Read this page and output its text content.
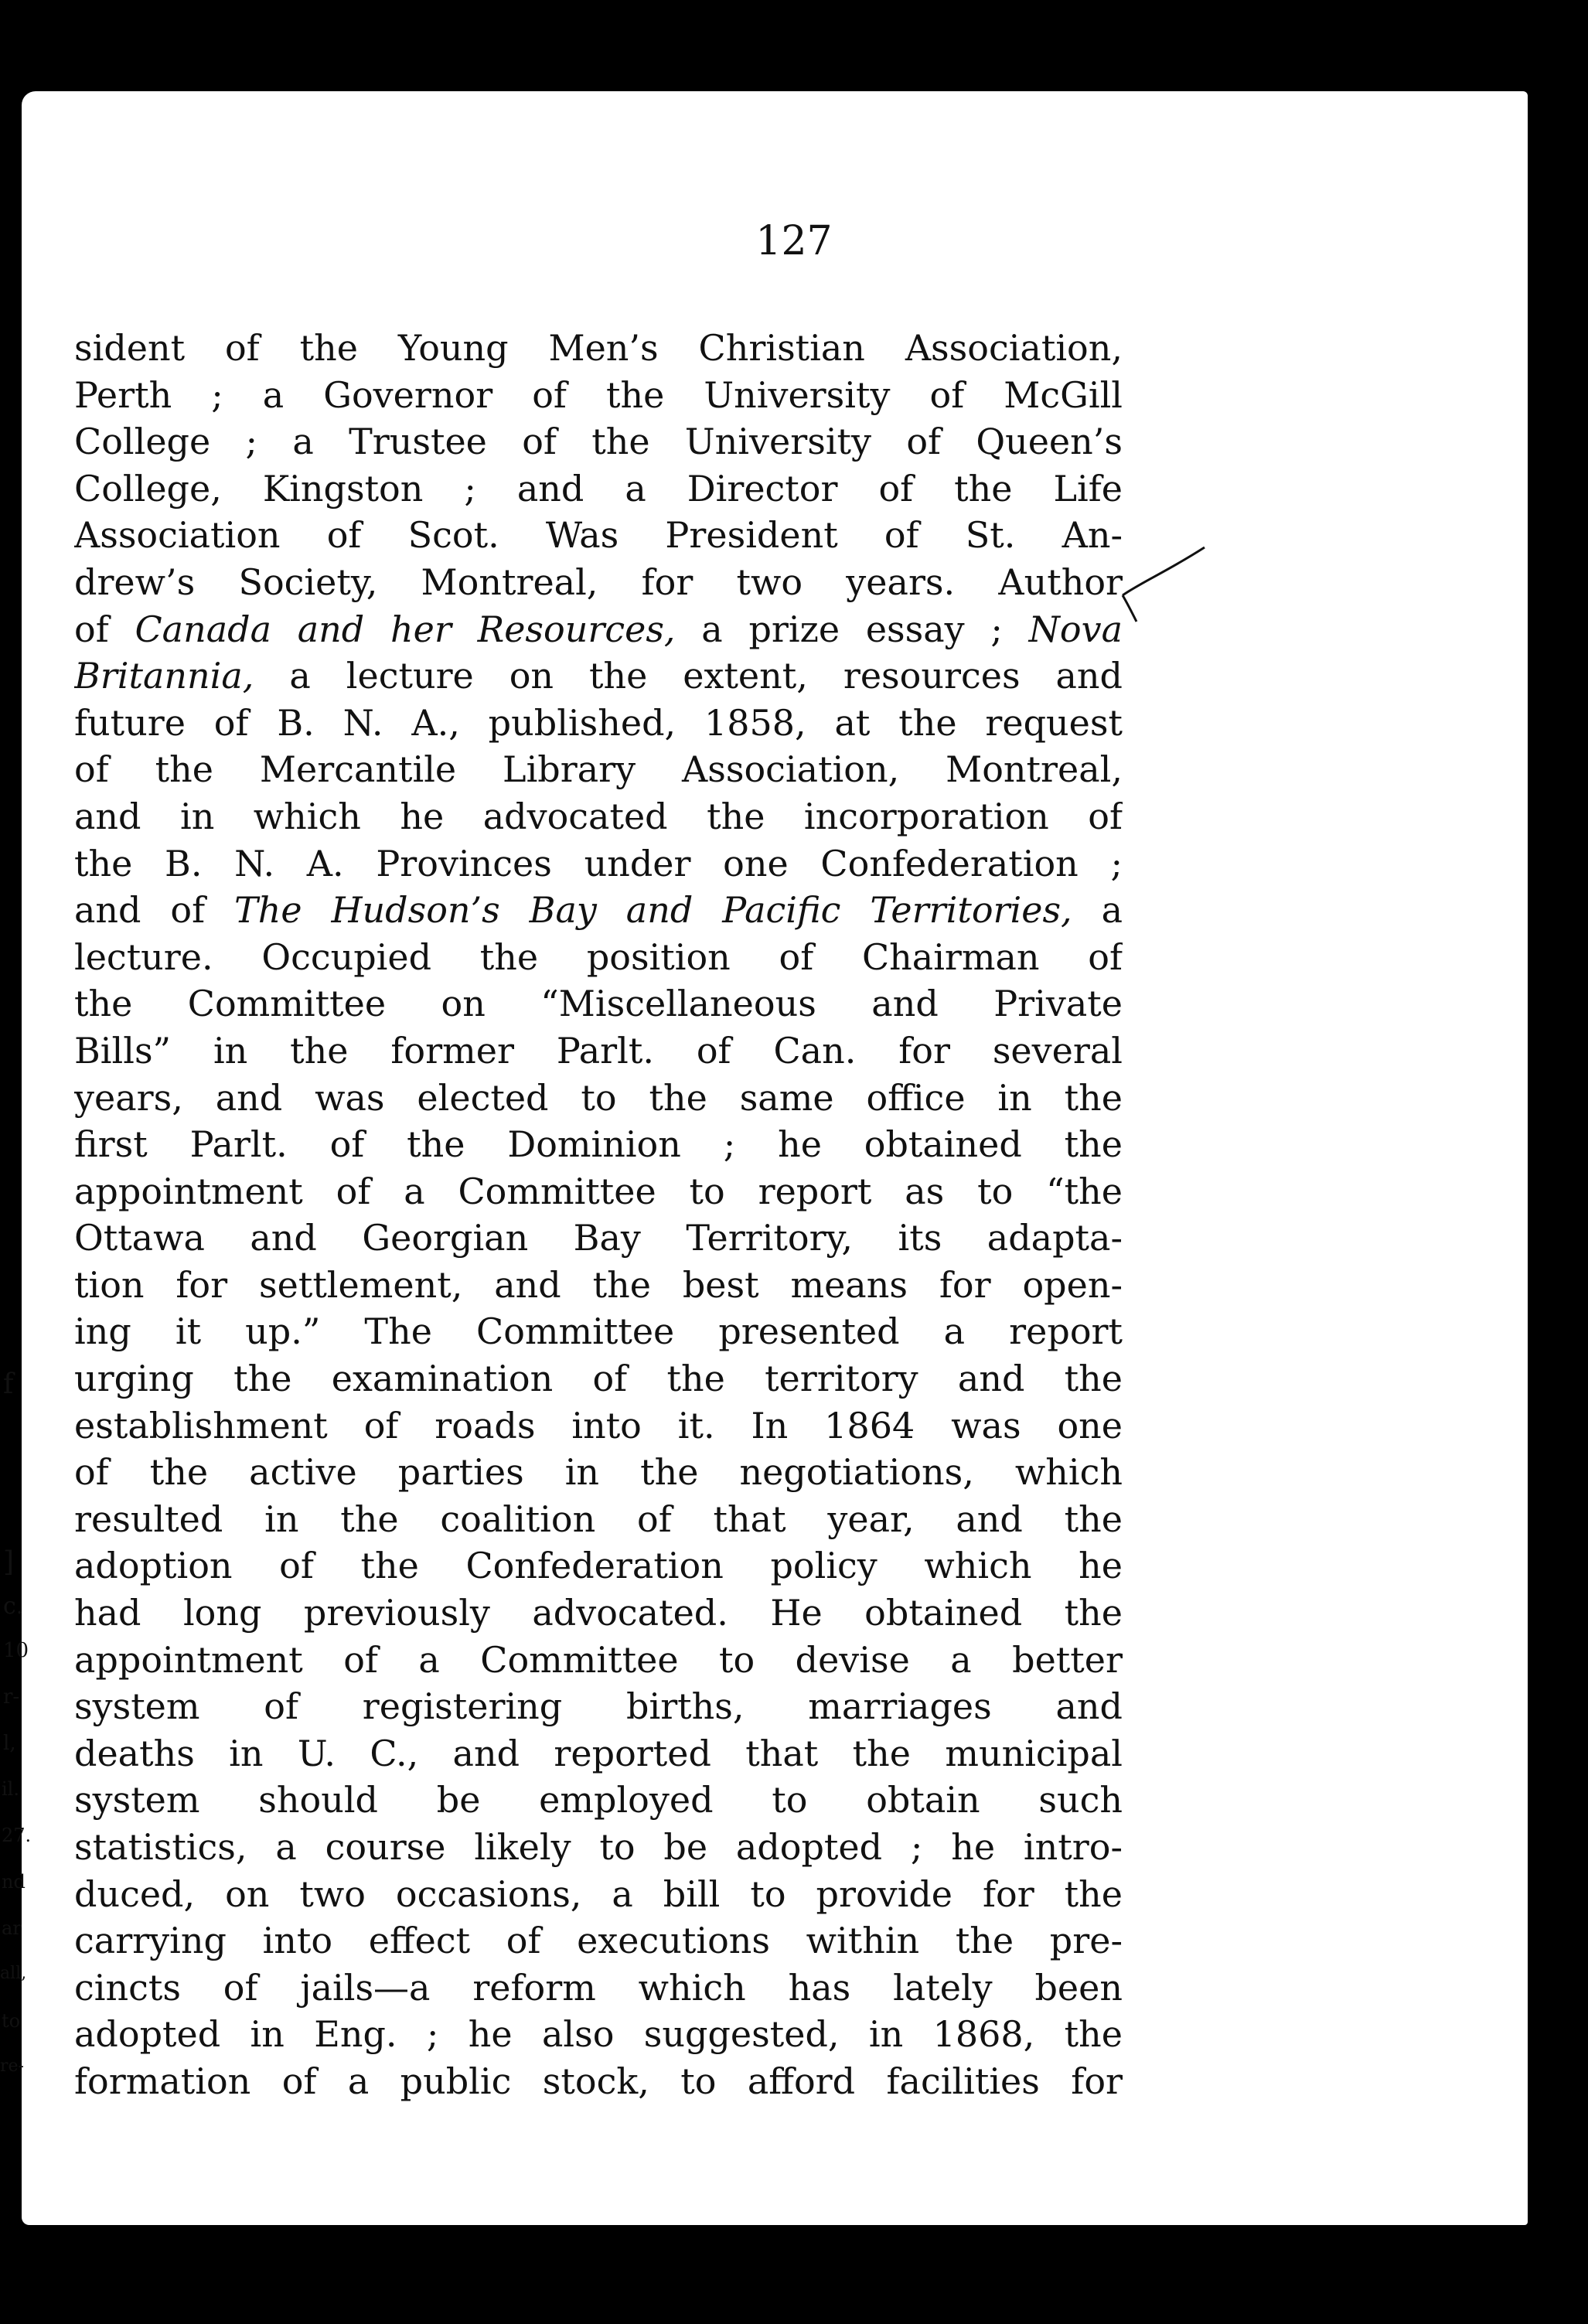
127
sident of the Young Men’s Christian Association,
Perth ; a Governor of the University of McGill
College ; a Trustee of the University of Queen’s
College, Kingston ; and a Director of the Life
Association of Scot. Was President of St. An-
drew’s Society, Montreal, for two years. Author
of Canada and her Resources, a prize essay ; Nova
Britannia, a lecture on the extent, resources and
future of B. N. A., published, 1858, at the request
of the Mercantile Library Association, Montreal,
and in which he advocated the incorporation of
the B. N. A. Provinces under one Confederation ;
and of The Hudson’s Bay and Pacific Territories, a
lecture. Occupied the position of Chairman of
the Committee on “Miscellaneous and Private
Bills” in the former Parlt. of Can. for several
years, and was elected to the same office in the
first Parlt. of the Dominion ; he obtained the
appointment of a Committee to report as to “the
Ottawa and Georgian Bay Territory, its adapta-
tion for settlement, and the best means for open-
ing it up.” The Committee presented a report
urging the examination of the territory and the
establishment of roads into it. In 1864 was one
of the active parties in the negotiations, which
resulted in the coalition of that year, and the
adoption of the Confederation policy which he
had long previously advocated. He obtained the
appointment of a Committee to devise a better
system of registering births, marriages and
deaths in U. C., and reported that the municipal
system should be employed to obtain such
statistics, a course likely to be adopted ; he intro-
duced, on two occasions, a bill to provide for the
carrying into effect of executions within the pre-
cincts of jails—a reform which has lately been
adopted in Eng. ; he also suggested, in 1868, the
formation of a public stock, to afford facilities for
f
]
c.
10
r-
l,
il.
27.
nd
ar
all,
to
re-
